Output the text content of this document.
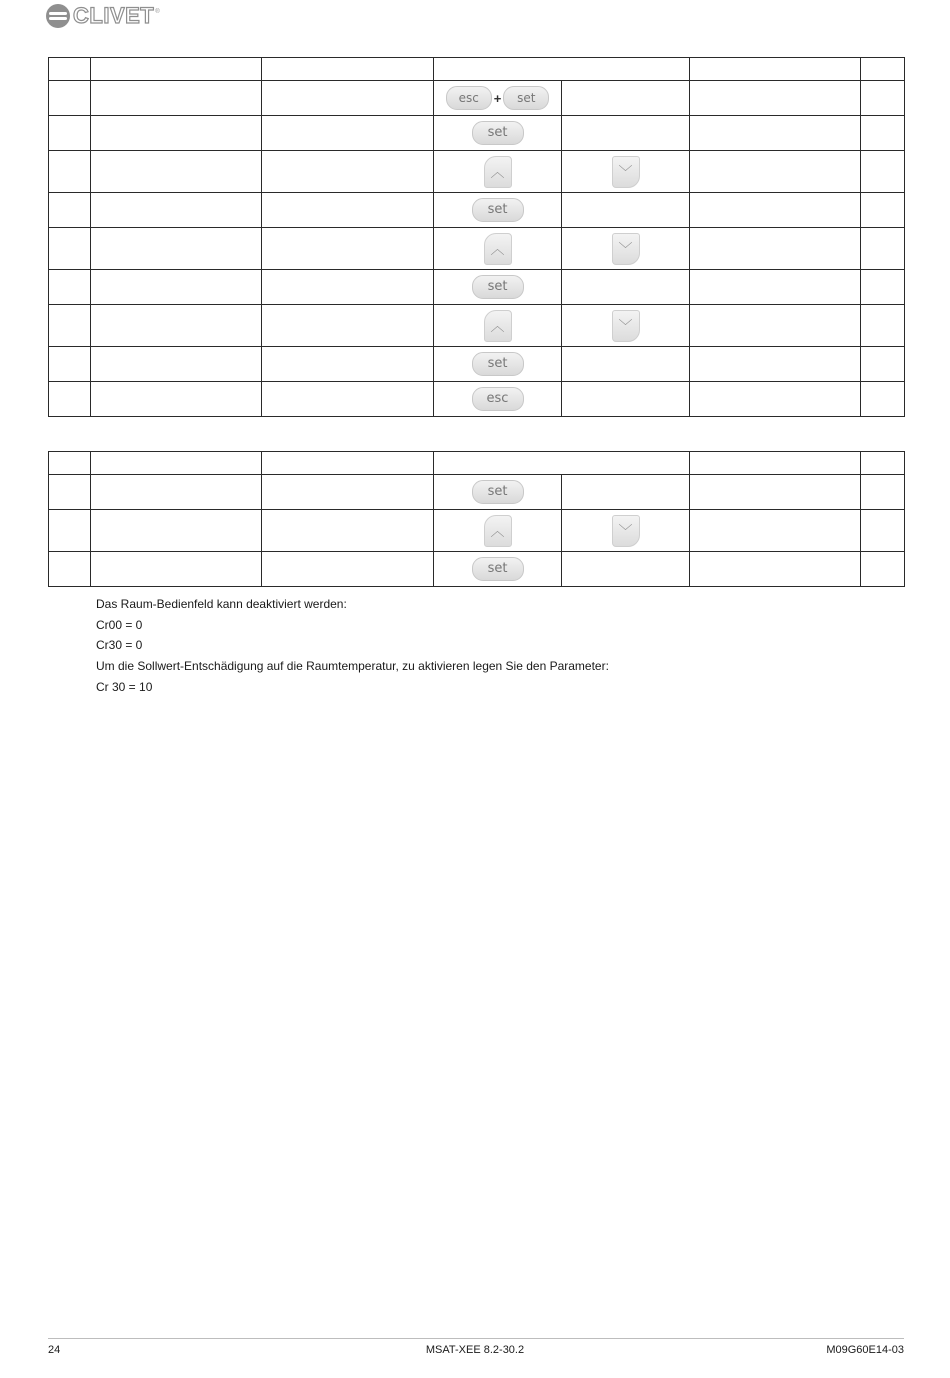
CLIVET ®

			esc + set			
			set			
			︿	﹀		
			set			
			︿	﹀		
			set			
			︿	﹀		
			set			
			esc			

			set			
			︿	﹀		
			set			

Das Raum-Bedienfeld kann deaktiviert werden:

Cr00 = 0

Cr30 = 0

Um die Sollwert-Entschädigung auf die Raumtemperatur, zu aktivieren legen Sie den Parameter:

Cr 30 = 10

24	MSAT-XEE 8.2-30.2	M09G60E14-03
